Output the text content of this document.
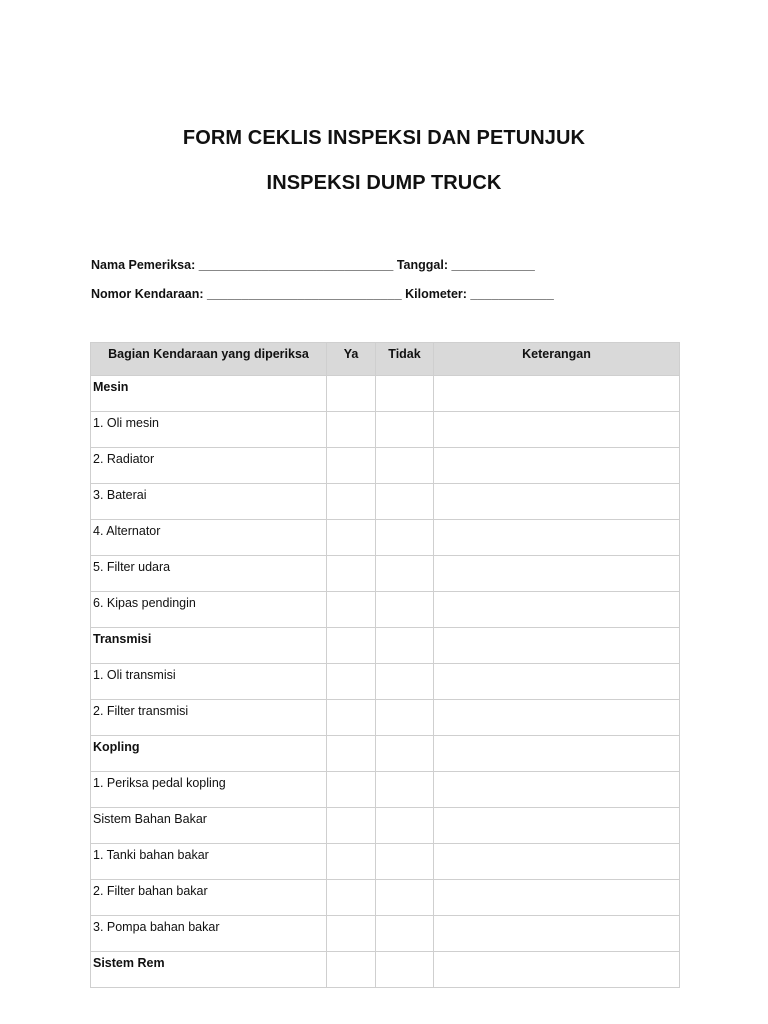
FORM CEKLIS INSPEKSI DAN PETUNJUK
INSPEKSI DUMP TRUCK
Nama Pemeriksa: ____________________________ Tanggal: ____________
Nomor Kendaraan: ____________________________ Kilometer: ____________
Bagian Kendaraan yang diperiksa	Ya	Tidak	Keterangan
Mesin			
1. Oli mesin			
2. Radiator			
3. Baterai			
4. Alternator			
5. Filter udara			
6. Kipas pendingin			
Transmisi			
1. Oli transmisi			
2. Filter transmisi			
Kopling			
1. Periksa pedal kopling			
Sistem Bahan Bakar			
1. Tanki bahan bakar			
2. Filter bahan bakar			
3. Pompa bahan bakar			
Sistem Rem			
